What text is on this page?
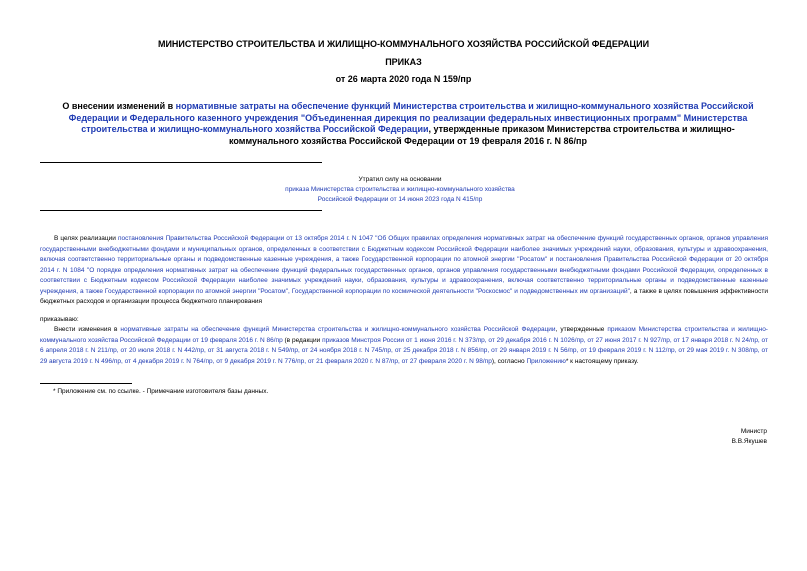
МИНИСТЕРСТВО СТРОИТЕЛЬСТВА И ЖИЛИЩНО-КОММУНАЛЬНОГО ХОЗЯЙСТВА РОССИЙСКОЙ ФЕДЕРАЦИИ
ПРИКАЗ
от 26 марта 2020 года N 159/пр
О внесении изменений в нормативные затраты на обеспечение функций Министерства строительства и жилищно-коммунального хозяйства Российской Федерации и Федерального казенного учреждения "Объединенная дирекция по реализации федеральных инвестиционных программ" Министерства строительства и жилищно-коммунального хозяйства Российской Федерации, утвержденные приказом Министерства строительства и жилищно-коммунального хозяйства Российской Федерации от 19 февраля 2016 г. N 86/пр
Утратил силу на основании
приказа Министерства строительства и жилищно-коммунального хозяйства
Российской Федерации от 14 июня 2023 года N 415/пр
В целях реализации постановления Правительства Российской Федерации от 13 октября 2014 г. N 1047 "Об Общих правилах определения нормативных затрат на обеспечение функций государственных органов, органов управления государственными внебюджетными фондами и муниципальных органов, определенных в соответствии с Бюджетным кодексом Российской Федерации наиболее значимых учреждений науки, образования, культуры и здравоохранения, включая соответственно территориальные органы и подведомственные казенные учреждения, а также Государственной корпорации по атомной энергии "Росатом" и постановления Правительства Российской Федерации от 20 октября 2014 г. N 1084 "О порядке определения нормативных затрат на обеспечение функций федеральных государственных органов, органов управления государственными внебюджетными фондами Российской Федерации, определенных в соответствии с Бюджетным кодексом Российской Федерации наиболее значимых учреждений науки, образования, культуры и здравоохранения, включая соответственно территориальные органы и подведомственные казенные учреждения, а также Государственной корпорации по атомной энергии "Росатом", Государственной корпорации по космической деятельности "Роскосмос" и подведомственных им организаций", а также в целях повышения эффективности бюджетных расходов и организации процесса бюджетного планирования
приказываю:
Внести изменения в нормативные затраты на обеспечение функций Министерства строительства и жилищно-коммунального хозяйства Российской Федерации, утвержденные приказом Министерства строительства и жилищно-коммунального хозяйства Российской Федерации от 19 февраля 2016 г. N 86/пр (в редакции приказов Минстроя России от 1 июня 2016 г. N 373/пр, от 29 декабря 2016 г. N 1026/пр, от 27 июня 2017 г. N 927/пр, от 17 января 2018 г. N 24/пр, от 6 апреля 2018 г. N 211/пр, от 20 июля 2018 г. N 442/пр, от 31 августа 2018 г. N 549/пр, от 24 ноября 2018 г. N 745/пр, от 25 декабря 2018 г. N 856/пр, от 29 января 2019 г. N 56/пр, от 19 февраля 2019 г. N 112/пр, от 29 мая 2019 г. N 308/пр, от 29 августа 2019 г. N 496/пр, от 4 декабря 2019 г. N 764/пр, от 9 декабря 2019 г. N 776/пр, от 21 февраля 2020 г. N 87/пр, от 27 февраля 2020 г. N 98/пр), согласно Приложению* к настоящему приказу.
* Приложение см. по ссылке. - Примечание изготовителя базы данных.
Министр
В.В.Якушев
